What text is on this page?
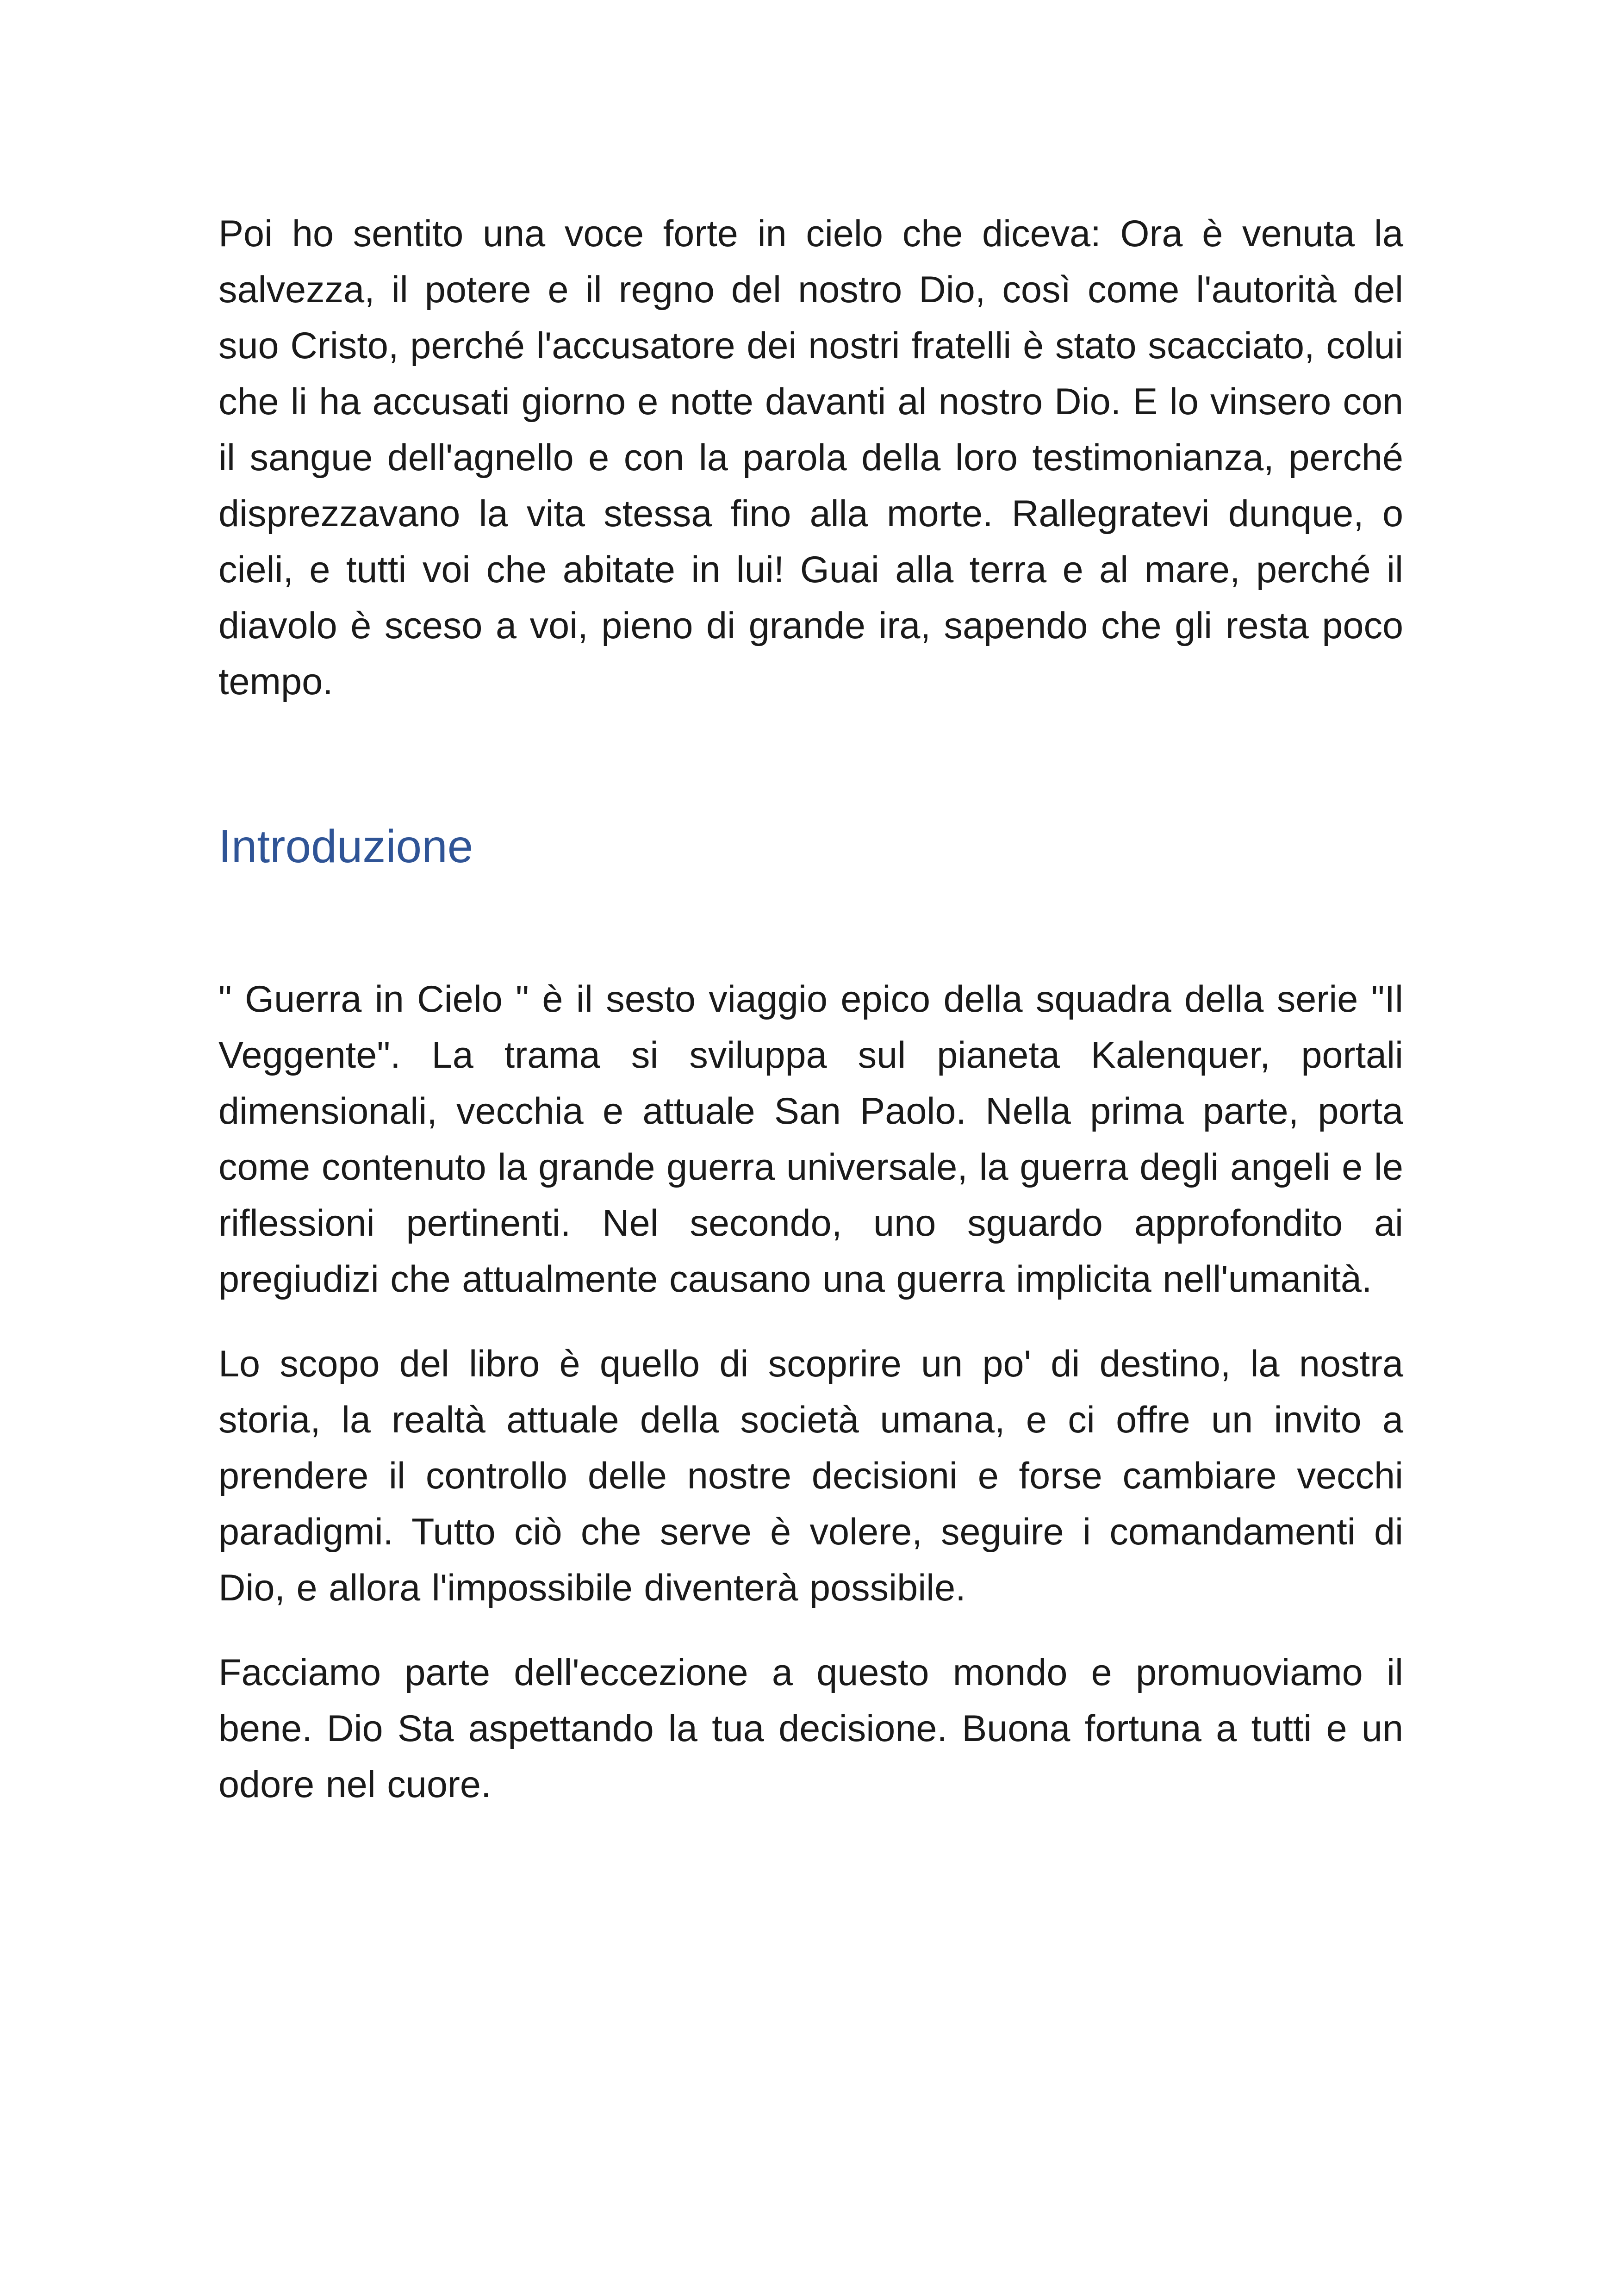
Poi ho sentito una voce forte in cielo che diceva: Ora è venuta la salvezza, il potere e il regno del nostro Dio, così come l'autorità del suo Cristo, perché l'accusatore dei nostri fratelli è stato scacciato, colui che li ha accusati giorno e notte davanti al nostro Dio. E lo vinsero con il sangue dell'agnello e con la parola della loro testimonianza, perché disprezzavano la vita stessa fino alla morte. Rallegratevi dunque, o cieli, e tutti voi che abitate in lui! Guai alla terra e al mare, perché il diavolo è sceso a voi, pieno di grande ira, sapendo che gli resta poco tempo.

Introduzione

" Guerra in Cielo " è il sesto viaggio epico della squadra della serie "Il Veggente". La trama si sviluppa sul pianeta Kalenquer, portali dimensionali, vecchia e attuale San Paolo. Nella prima parte, porta come contenuto la grande guerra universale, la guerra degli angeli e le riflessioni pertinenti. Nel secondo, uno sguardo approfondito ai pregiudizi che attualmente causano una guerra implicita nell'umanità.

Lo scopo del libro è quello di scoprire un po' di destino, la nostra storia, la realtà attuale della società umana, e ci offre un invito a prendere il controllo delle nostre decisioni e forse cambiare vecchi paradigmi. Tutto ciò che serve è volere, seguire i comandamenti di Dio, e allora l'impossibile diventerà possibile.

Facciamo parte dell'eccezione a questo mondo e promuoviamo il bene. Dio Sta aspettando la tua decisione. Buona fortuna a tutti e un odore nel cuore.
